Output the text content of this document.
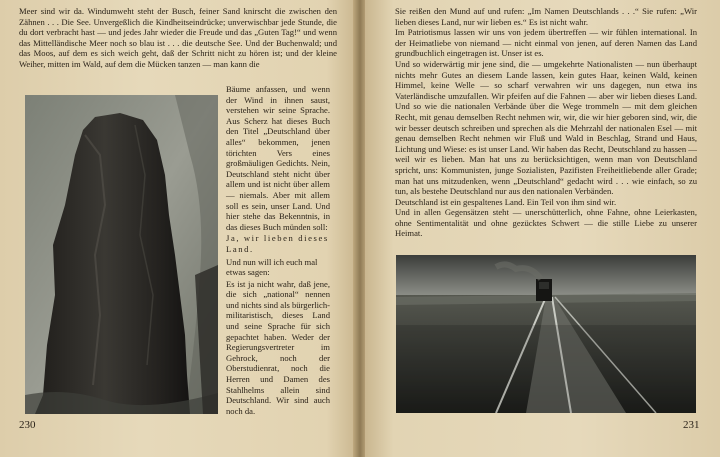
Meer sind wir da. Windumweht steht der Busch, feiner Sand knirscht die zwischen den Zähnen . . . Die See. Unvergeßlich die Kindheitseindrücke; unverwischbar jede Stunde, die du dort verbracht hast — und jedes Jahr wieder die Freude und das „Guten Tag!“ und wenn das Mittelländische Meer noch so blau ist . . . die deutsche See. Und der Buchenwald; und das Moos, auf dem es sich weich geht, daß der Schritt nicht zu hören ist; und der kleine Weiher, mitten im Wald, auf dem die Mücken tanzen — man kann die

Bäume anfassen, und wenn der Wind in ihnen saust, verstehen wir seine Sprache. Aus Scherz hat dieses Buch den Titel „Deutschland über alles“ bekommen, jenen törichten Vers eines großmäuligen Gedichts. Nein, Deutschland steht nicht über allem und ist nicht über allem — niemals. Aber mit allem soll es sein, unser Land. Und hier stehe das Bekenntnis, in das dieses Buch münden soll:

Ja, wir lieben dieses Land.

Und nun will ich euch mal etwas sagen:

Es ist ja nicht wahr, daß jene, die sich „national“ nennen und nichts sind als bürgerlich-militaristisch, dieses Land und seine Sprache für sich gepachtet haben. Weder der Regierungsvertreter im Gehrock, noch der Oberstudienrat, noch die Herren und Damen des Stahlhelms allein sind Deutschland. Wir sind auch noch da.

230

Sie reißen den Mund auf und rufen: „Im Namen Deutschlands . . .“ Sie rufen: „Wir lieben dieses Land, nur wir lieben es.“ Es ist nicht wahr.

Im Patriotismus lassen wir uns von jedem übertreffen — wir fühlen international. In der Heimatliebe von niemand — nicht einmal von jenen, auf deren Namen das Land grundbuchlich eingetragen ist. Unser ist es.

Und so widerwärtig mir jene sind, die — umgekehrte Nationalisten — nun überhaupt nichts mehr Gutes an diesem Lande lassen, kein gutes Haar, keinen Wald, keinen Himmel, keine Welle — so scharf verwahren wir uns dagegen, nun etwa ins Vaterländische umzufallen. Wir pfeifen auf die Fahnen — aber wir lieben dieses Land. Und so wie die nationalen Verbände über die Wege trommeln — mit dem gleichen Recht, mit genau demselben Recht nehmen wir, wir, die wir hier geboren sind, wir, die wir besser deutsch schreiben und sprechen als die Mehrzahl der nationalen Esel — mit genau demselben Recht nehmen wir Fluß und Wald in Beschlag, Strand und Haus, Lichtung und Wiese: es ist unser Land. Wir haben das Recht, Deutschland zu hassen — weil wir es lieben. Man hat uns zu berücksichtigen, wenn man von Deutschland spricht, uns: Kommunisten, junge Sozialisten, Pazifisten Freiheitliebende aller Grade; man hat uns mitzudenken, wenn „Deutschland“ gedacht wird . . . wie einfach, so zu tun, als bestehe Deutschland nur aus den nationalen Verbänden.

Deutschland ist ein gespaltenes Land. Ein Teil von ihm sind wir.

Und in allen Gegensätzen steht — unerschütterlich, ohne Fahne, ohne Leierkasten, ohne Sentimentalität und ohne gezücktes Schwert — die stille Liebe zu unserer Heimat.

231
